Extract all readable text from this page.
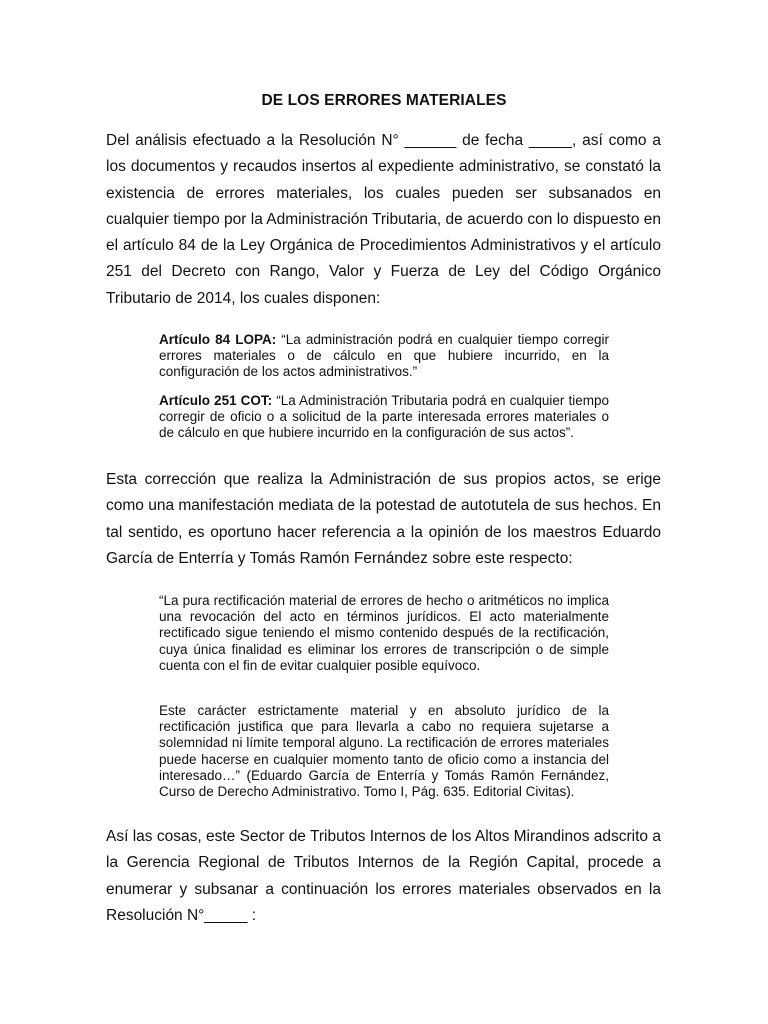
DE LOS ERRORES MATERIALES

Del análisis efectuado a la Resolución N° ______ de fecha _____, así como a los documentos y recaudos insertos al expediente administrativo, se constató la existencia de errores materiales, los cuales pueden ser subsanados en cualquier tiempo por la Administración Tributaria, de acuerdo con lo dispuesto en el artículo 84 de la Ley Orgánica de Procedimientos Administrativos y el artículo 251 del Decreto con Rango, Valor y Fuerza de Ley del Código Orgánico Tributario de 2014, los cuales disponen:

Artículo 84 LOPA: “La administración podrá en cualquier tiempo corregir errores materiales o de cálculo en que hubiere incurrido, en la configuración de los actos administrativos.”

Artículo 251 COT: “La Administración Tributaria podrá en cualquier tiempo corregir de oficio o a solicitud de la parte interesada errores materiales o de cálculo en que hubiere incurrido en la configuración de sus actos”.

Esta corrección que realiza la Administración de sus propios actos, se erige como una manifestación mediata de la potestad de autotutela de sus hechos. En tal sentido, es oportuno hacer referencia a la opinión de los maestros Eduardo García de Enterría y Tomás Ramón Fernández sobre este respecto:

“La pura rectificación material de errores de hecho o aritméticos no implica una revocación del acto en términos jurídicos. El acto materialmente rectificado sigue teniendo el mismo contenido después de la rectificación, cuya única finalidad es eliminar los errores de transcripción o de simple cuenta con el fin de evitar cualquier posible equívoco.

Este carácter estrictamente material y en absoluto jurídico de la rectificación justifica que para llevarla a cabo no requiera sujetarse a solemnidad ni límite temporal alguno. La rectificación de errores materiales puede hacerse en cualquier momento tanto de oficio como a instancia del interesado…” (Eduardo García de Enterría y Tomás Ramón Fernández, Curso de Derecho Administrativo. Tomo I, Pág. 635. Editorial Civitas).

Así las cosas, este Sector de Tributos Internos de los Altos Mirandinos adscrito a la Gerencia Regional de Tributos Internos de la Región Capital, procede a enumerar y subsanar a continuación los errores materiales observados en la Resolución N°_____ :
